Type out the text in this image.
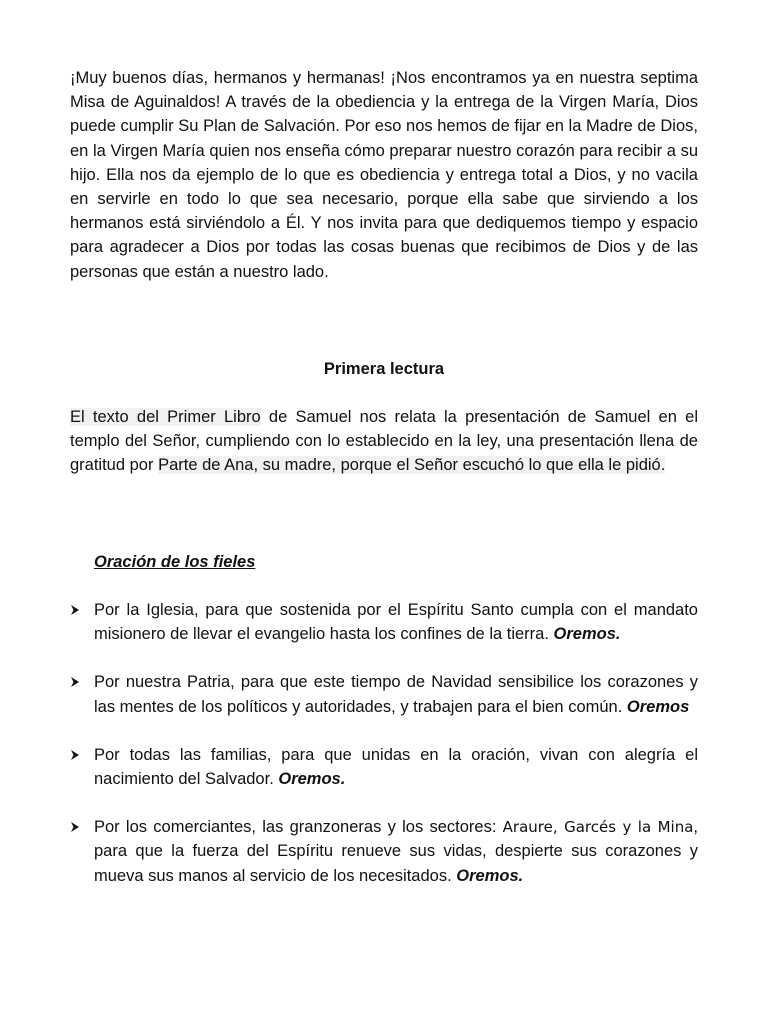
¡Muy buenos días, hermanos y hermanas! ¡Nos encontramos ya en nuestra septima Misa de Aguinaldos! A través de la obediencia y la entrega de la Virgen María, Dios puede cumplir Su Plan de Salvación. Por eso nos hemos de fijar en la Madre de Dios, en la Virgen María quien nos enseña cómo preparar nuestro corazón para recibir a su hijo. Ella nos da ejemplo de lo que es obediencia y entrega total a Dios, y no vacila en servirle en todo lo que sea necesario, porque ella sabe que sirviendo a los hermanos está sirviéndolo a Él. Y nos invita para que dediquemos tiempo y espacio para agradecer a Dios por todas las cosas buenas que recibimos de Dios y de las personas que están a nuestro lado.

Primera lectura

El texto del Primer Libro de Samuel nos relata la presentación de Samuel en el templo del Señor, cumpliendo con lo establecido en la ley, una presentación llena de gratitud por Parte de Ana, su madre, porque el Señor escuchó lo que ella le pidió.

Oración de los fieles

Por la Iglesia, para que sostenida por el Espíritu Santo cumpla con el mandato misionero de llevar el evangelio hasta los confines de la tierra. Oremos.
Por nuestra Patria, para que este tiempo de Navidad sensibilice los corazones y las mentes de los políticos y autoridades, y trabajen para el bien común. Oremos
Por todas las familias, para que unidas en la oración, vivan con alegría el nacimiento del Salvador. Oremos.
Por los comerciantes, las granzoneras y los sectores: Araure, Garcés y la Mina, para que la fuerza del Espíritu renueve sus vidas, despierte sus corazones y mueva sus manos al servicio de los necesitados. Oremos.
